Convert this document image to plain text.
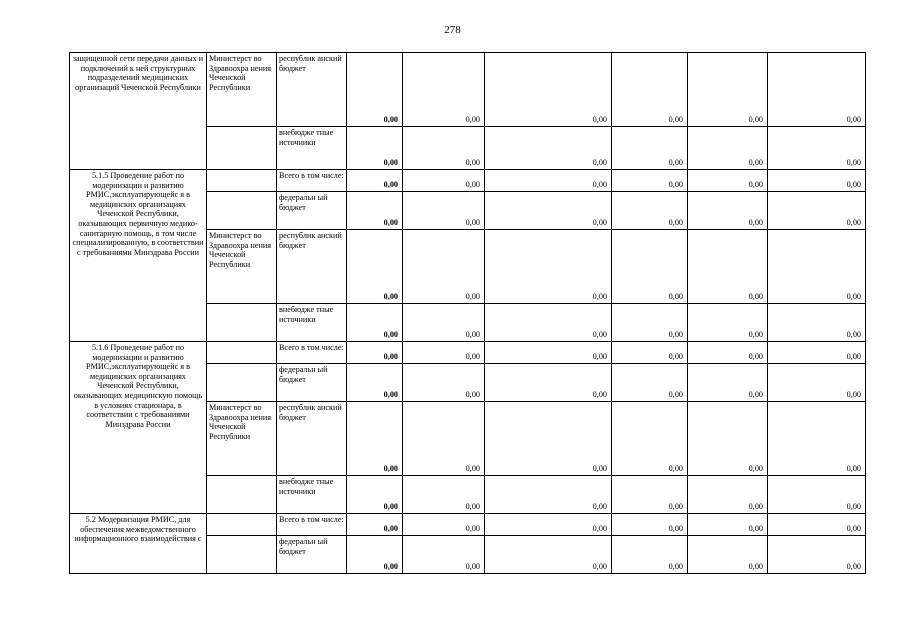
278
защищенной сети передачи данных и подключений к ней структурных подразделений медицинских организаций Чеченской Республики	Министерст во Здравоохра нения Чеченской Республики	республик анский бюджет	0,00	0,00	0,00	0,00	0,00	0,00
		внебюдже тные источники	0,00	0,00	0,00	0,00	0,00	0,00
5.1.5 Проведение работ по модернизации и развитию РМИС,эксплуатирующейс я в медицинских организациях Чеченской Республики, оказывающих первичную медико-санитарную помощь, в том числе специализированную, в соответствии с требованиями Минздрава России		Всего в том числе:	0,00	0,00	0,00	0,00	0,00	0,00
		федеральн ый бюджет	0,00	0,00	0,00	0,00	0,00	0,00
	Министерст во Здравоохра нения Чеченской Республики	республик анский бюджет	0,00	0,00	0,00	0,00	0,00	0,00
		внебюдже тные источники	0,00	0,00	0,00	0,00	0,00	0,00
5.1.6 Проведение работ по модернизации и развитию РМИС,эксплуатирующейс я в медицинских организациях Чеченской Республики, оказывающих медицинскую помощь в условиях стационара, в соответствии с требованиями Минздрава России		Всего в том числе:	0,00	0,00	0,00	0,00	0,00	0,00
		федеральн ый бюджет	0,00	0,00	0,00	0,00	0,00	0,00
	Министерст во Здравоохра нения Чеченской Республики	республик анский бюджет	0,00	0,00	0,00	0,00	0,00	0,00
		внебюдже тные источники	0,00	0,00	0,00	0,00	0,00	0,00
5.2 Модернизация РМИС, для обеспечения межведомственного информационного взаимодействия с		Всего в том числе:	0,00	0,00	0,00	0,00	0,00	0,00
		федеральн ый бюджет	0,00	0,00	0,00	0,00	0,00	0,00
